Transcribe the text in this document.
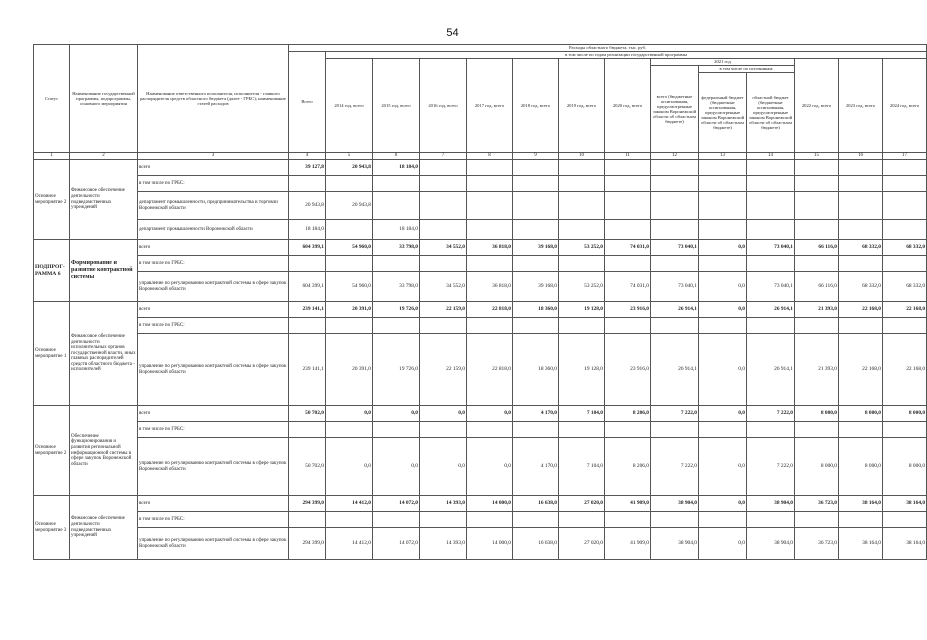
54
Статус	Наименование государственной программы, подпрограммы, основного мероприятия	Наименование ответственного исполнителя, исполнителя - главного распорядителя средств областного бюджета (далее - ГРБС); наименование статей расходов	Расходы областного бюджета, тыс. руб.													
			Всего	в том числе по годам реализации государственной программы												
				2014 год, всего	2015 год, всего	2016 год, всего	2017 год, всего	2018 год, всего	2019 год, всего	2020 год, всего	2021 год			2022 год, всего	2023 год, всего	2024 год, всего
											всего (бюджетные ассигнования, предусмотренные законом Воронежской области об областном бюджете)	в том числе по источникам:				
												федеральный бюджет (бюджетные ассигнования, предусмотренные законом Воронежской области об областном бюджете)	областной бюджет (бюджетные ассигнования, предусмотренные законом Воронежской области об областном бюджете)			
1	2	3	4	5	6	7	8	9	10	11	12	13	14	15	16	17
Основное мероприятие 2	Финансовое обеспечение деятельности подведомственных учреждений	всего	39 127,8	20 943,8	18 184,0											
		в том числе по ГРБС:														
		департамент промышленности, предпринимательства и торговли Воронежской области	20 943,8	20 943,8												
		департамент промышленности Воронежской области	18 184,0		18 184,0											
ПОДПРОГ-РАММА 6	Формирование и развитие контрактной системы	всего	604 399,1	54 960,0	33 798,0	34 552,0	36 818,0	39 168,0	53 252,0	74 031,0	73 040,1	0,0	73 040,1	66 116,0	68 332,0	68 332,0
		в том числе по ГРБС:														
		управление по регулированию контрактной системы в сфере закупок Воронежской области	604 399,1	54 960,0	33 798,0	34 552,0	36 818,0	39 168,0	53 252,0	74 031,0	73 040,1	0,0	73 040,1	66 116,0	68 332,0	68 332,0
Основное мероприятие 1	Финансовое обеспечение деятельности исполнительных органов государственной власти, иных главных распорядителей средств областного бюджета - исполнителей	всего	239 141,1	20 391,0	19 726,0	22 159,0	22 818,0	18 360,0	19 128,0	23 916,0	26 914,1	0,0	26 914,1	21 393,0	22 168,0	22 168,0
		в том числе по ГРБС:														
		управление по регулированию контрактной системы в сфере закупок Воронежской области	239 141,1	20 391,0	19 726,0	22 159,0	22 818,0	18 360,0	19 128,0	23 916,0	26 914,1	0,0	26 914,1	21 393,0	22 168,0	22 168,0
Основное мероприятие 2	Обеспечение функционирования и развития региональной информационной системы в сфере закупок Воронежской области	всего	50 702,0	0,0	0,0	0,0	0,0	4 170,0	7 104,0	8 206,0	7 222,0	0,0	7 222,0	8 000,0	8 000,0	8 000,0
		в том числе по ГРБС:														
		управление по регулированию контрактной системы в сфере закупок Воронежской области	50 702,0	0,0	0,0	0,0	0,0	4 170,0	7 104,0	8 206,0	7 222,0	0,0	7 222,0	8 000,0	8 000,0	8 000,0
Основное мероприятие 3	Финансовое обеспечение деятельности подведомственных учреждений	всего	294 399,0	14 412,0	14 072,0	14 393,0	14 000,0	16 638,0	27 020,0	41 909,0	38 904,0	0,0	38 904,0	36 723,0	38 164,0	38 164,0
		в том числе по ГРБС:														
		управление по регулированию контрактной системы в сфере закупок Воронежской области	294 399,0	14 412,0	14 072,0	14 393,0	14 000,0	16 638,0	27 020,0	41 909,0	38 904,0	0,0	38 904,0	36 723,0	38 164,0	38 164,0
